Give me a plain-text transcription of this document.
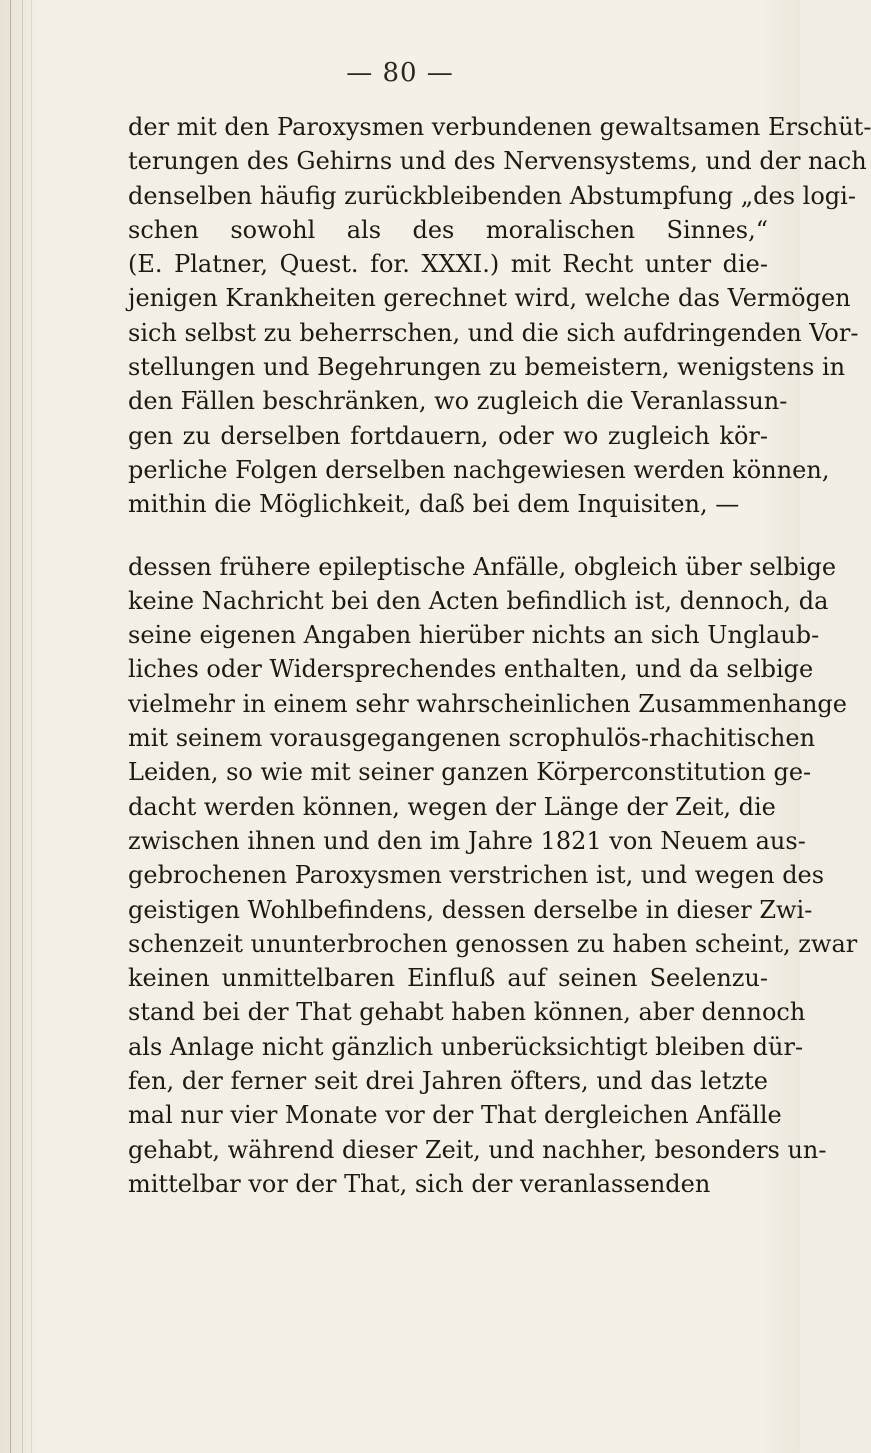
— 80 —
der mit den Paroxysmen verbundenen gewaltsamen Erschüt-
terungen des Gehirns und des Nervensystems, und der nach
denselben häufig zurückbleibenden Abstumpfung „des logi-
schen sowohl als des moralischen Sinnes,“
(E. Platner, Quest. for. XXXI.) mit Recht unter die-
jenigen Krankheiten gerechnet wird, welche das Vermögen
sich selbst zu beherrschen, und die sich aufdringenden Vor-
stellungen und Begehrungen zu bemeistern, wenigstens in
den Fällen beschränken, wo zugleich die Veranlassun-
gen zu derselben fortdauern, oder wo zugleich kör-
perliche Folgen derselben nachgewiesen werden können,
mithin die Möglichkeit, daß bei dem Inquisiten, —
dessen frühere epileptische Anfälle, obgleich über selbige
keine Nachricht bei den Acten befindlich ist, dennoch, da
seine eigenen Angaben hierüber nichts an sich Unglaub-
liches oder Widersprechendes enthalten, und da selbige
vielmehr in einem sehr wahrscheinlichen Zusammenhange
mit seinem vorausgegangenen scrophulös-rhachitischen
Leiden, so wie mit seiner ganzen Körperconstitution ge-
dacht werden können, wegen der Länge der Zeit, die
zwischen ihnen und den im Jahre 1821 von Neuem aus-
gebrochenen Paroxysmen verstrichen ist, und wegen des
geistigen Wohlbefindens, dessen derselbe in dieser Zwi-
schenzeit ununterbrochen genossen zu haben scheint, zwar
keinen unmittelbaren Einfluß auf seinen Seelenzu-
stand bei der That gehabt haben können, aber dennoch
als Anlage nicht gänzlich unberücksichtigt bleiben dür-
fen, der ferner seit drei Jahren öfters, und das letzte
mal nur vier Monate vor der That dergleichen Anfälle
gehabt, während dieser Zeit, und nachher, besonders un-
mittelbar vor der That, sich der veranlassenden
